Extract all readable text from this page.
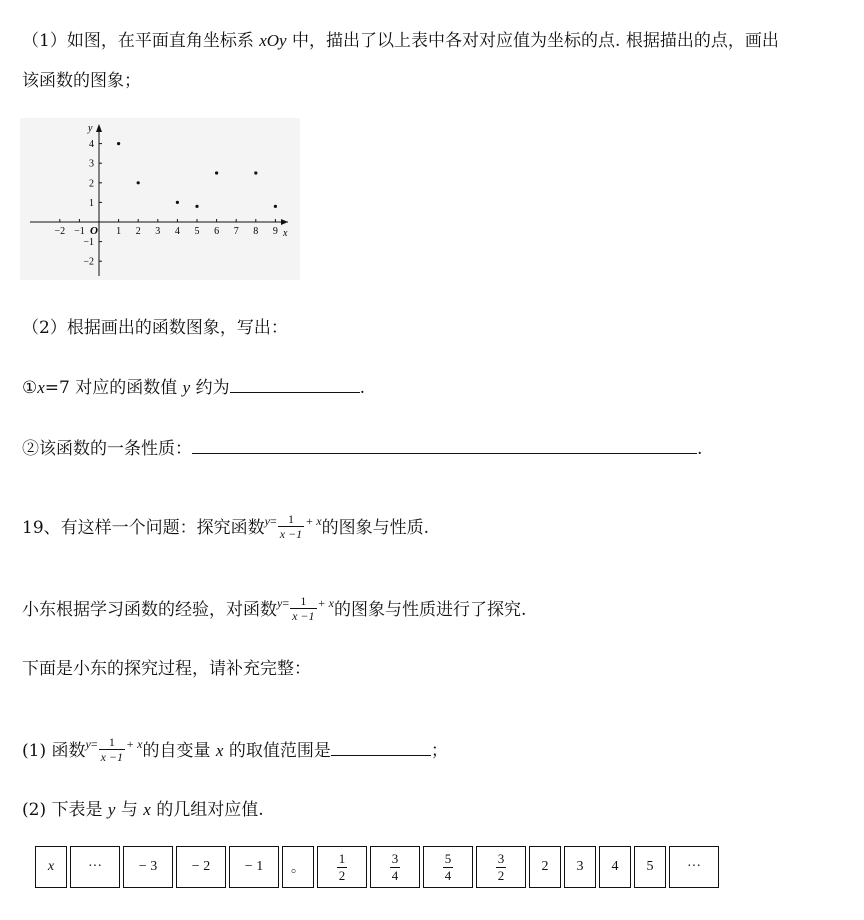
（1）如图，在平面直角坐标系 xOy 中，描出了以上表中各对对应值为坐标的点. 根据描出的点，画出
该函数的图象；
x
y
O
−2 −1	1 2 3 4 5 6 7 8 9
4
3
2
1
−1
−2
（2）根据画出的函数图象，写出：
①x=7 对应的函数值 y 约为	.
②该函数的一条性质：	.
19、有这样一个问题：探究函数 $y = \frac{1}{x -1} + x$ 的图象与性质.
小东根据学习函数的经验，对函数 $y = \frac{1}{x -1} + x$ 的图象与性质进行了探究.
下面是小东的探究过程，请补充完整：
(1) 函数 $y = \frac{1}{x -1} + x$ 的自变量 x 的取值范围是	；
(2) 下表是 y 与 x 的几组对应值.
x	···	− 3	− 2	− 1	。	$\frac{1}{2}$	$\frac{3}{4}$	$\frac{5}{4}$	$\frac{3}{2}$	2	3	4	5	···
